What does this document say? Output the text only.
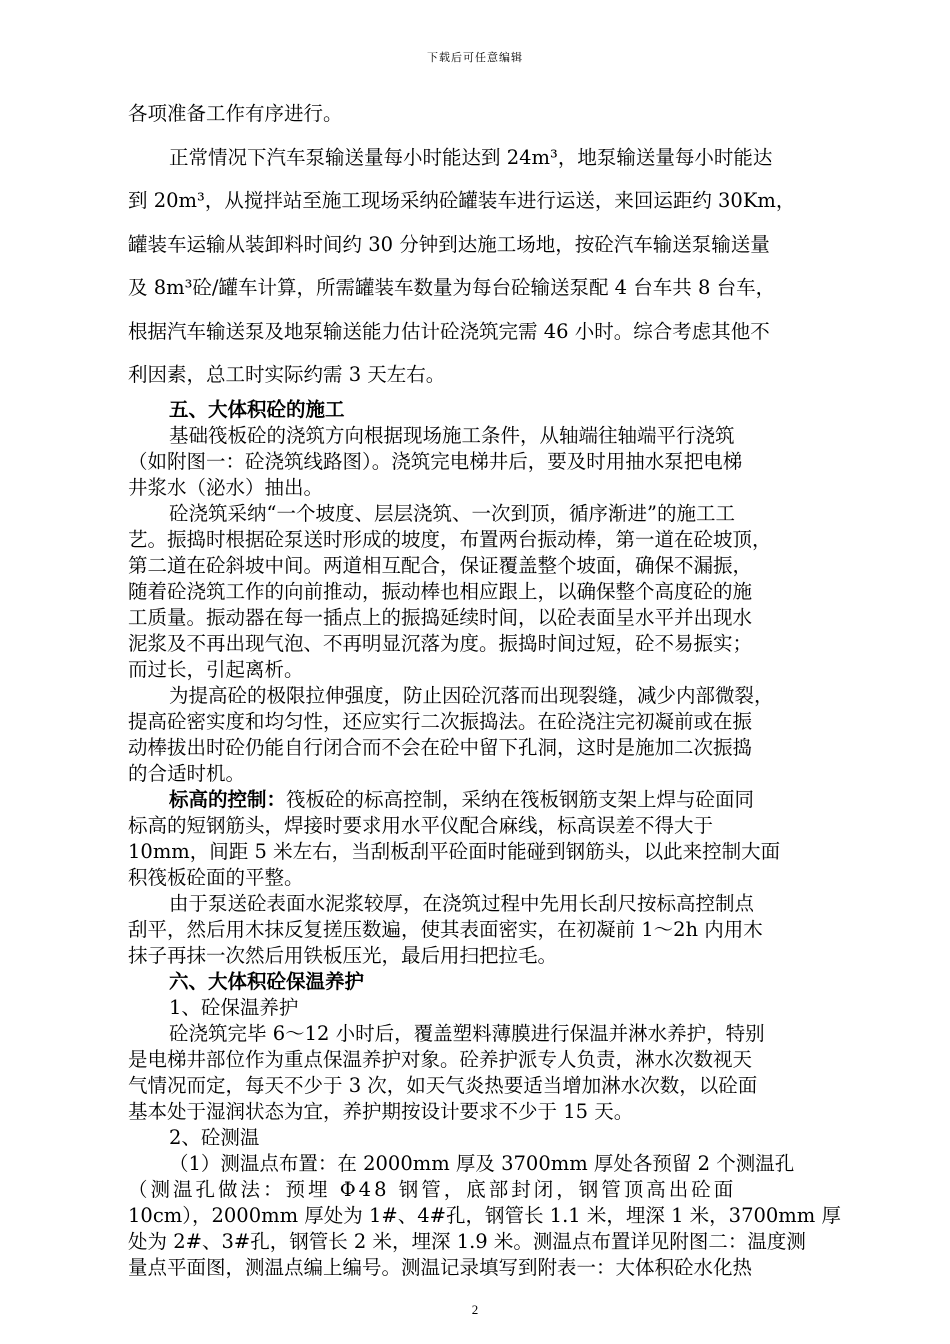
下载后可任意编辑

各项准备工作有序进行。

正常情况下汽车泵输送量每小时能达到 24m³，地泵输送量每小时能达

到 20m³，从搅拌站至施工现场采纳砼罐装车进行运送，来回运距约 30Km，

罐装车运输从装卸料时间约 30 分钟到达施工场地，按砼汽车输送泵输送量

及 8m³砼/罐车计算，所需罐装车数量为每台砼输送泵配 4 台车共 8 台车，

根据汽车输送泵及地泵输送能力估计砼浇筑完需 46 小时。综合考虑其他不

利因素，总工时实际约需 3 天左右。

五、大体积砼的施工

基础筏板砼的浇筑方向根据现场施工条件，从轴端往轴端平行浇筑

（如附图一：砼浇筑线路图）。浇筑完电梯井后，要及时用抽水泵把电梯

井浆水（泌水）抽出。

砼浇筑采纳“一个坡度、层层浇筑、一次到顶，循序渐进”的施工工

艺。振捣时根据砼泵送时形成的坡度，布置两台振动棒，第一道在砼坡顶，

第二道在砼斜坡中间。两道相互配合，保证覆盖整个坡面，确保不漏振，

随着砼浇筑工作的向前推动，振动棒也相应跟上，以确保整个高度砼的施

工质量。振动器在每一插点上的振捣延续时间，以砼表面呈水平并出现水

泥浆及不再出现气泡、不再明显沉落为度。振捣时间过短，砼不易振实；

而过长，引起离析。

为提高砼的极限拉伸强度，防止因砼沉落而出现裂缝，减少内部微裂，

提高砼密实度和均匀性，还应实行二次振捣法。在砼浇注完初凝前或在振

动棒拔出时砼仍能自行闭合而不会在砼中留下孔洞，这时是施加二次振捣

的合适时机。

标高的控制：筏板砼的标高控制，采纳在筏板钢筋支架上焊与砼面同

标高的短钢筋头，焊接时要求用水平仪配合麻线，标高误差不得大于

10mm，间距 5 米左右，当刮板刮平砼面时能碰到钢筋头，以此来控制大面

积筏板砼面的平整。

由于泵送砼表面水泥浆较厚，在浇筑过程中先用长刮尺按标高控制点

刮平，然后用木抹反复搓压数遍，使其表面密实，在初凝前 1～2h 内用木

抹子再抹一次然后用铁板压光，最后用扫把拉毛。

六、大体积砼保温养护

1、砼保温养护

砼浇筑完毕 6～12 小时后，覆盖塑料薄膜进行保温并淋水养护，特别

是电梯井部位作为重点保温养护对象。砼养护派专人负责，淋水次数视天

气情况而定，每天不少于 3 次，如天气炎热要适当增加淋水次数，以砼面

基本处于湿润状态为宜，养护期按设计要求不少于 15 天。

2、砼测温

（1）测温点布置：在 2000mm 厚及 3700mm 厚处各预留 2 个测温孔

（测温孔做法：预埋 Φ48 钢管，底部封闭，钢管顶高出砼面

10cm），2000mm 厚处为 1#、4#孔，钢管长 1.1 米，埋深 1 米，3700mm 厚

处为 2#、3#孔，钢管长 2 米，埋深 1.9 米。测温点布置详见附图二：温度测

量点平面图，测温点编上编号。测温记录填写到附表一：大体积砼水化热

2
